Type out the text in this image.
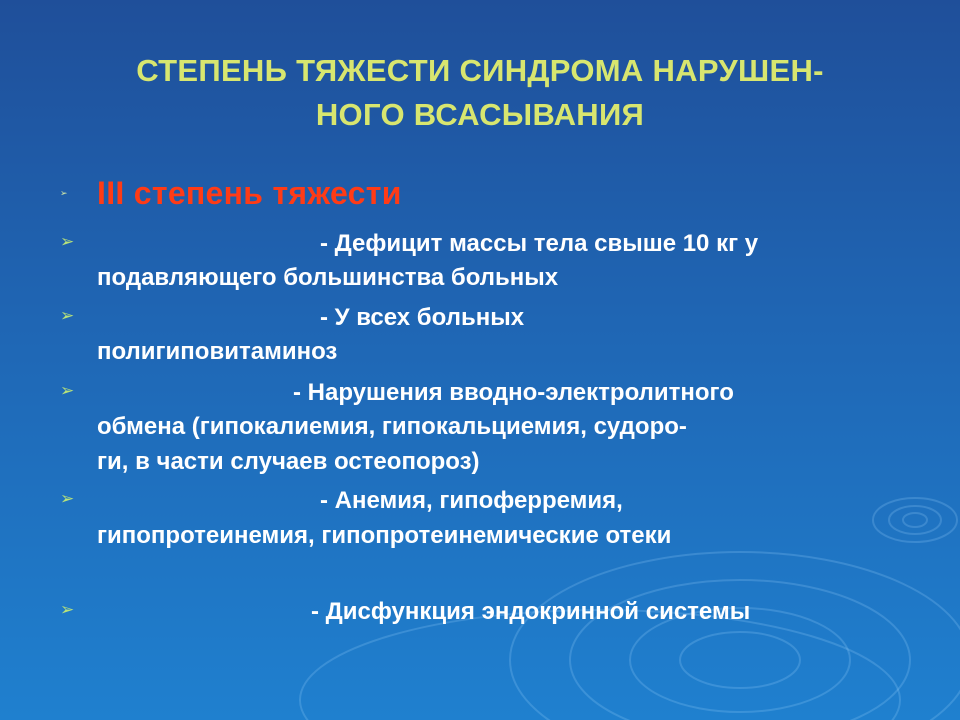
СТЕПЕНЬ ТЯЖЕСТИ СИНДРОМА НАРУШЕН-
НОГО ВСАСЫВАНИЯ
➢ III степень тяжести
➢	- Дефицит массы тела свыше 10 кг у
подавляющего большинства больных
➢	- У всех больных
полигиповитаминоз
➢	- Нарушения вводно-электролитного
обмена (гипокалиемия, гипокальциемия, судоро-
ги, в части случаев остеопороз)
➢	- Анемия, гипоферремия,
гипопротеинемия, гипопротеинемические отеки
➢	- Дисфункция эндокринной системы
